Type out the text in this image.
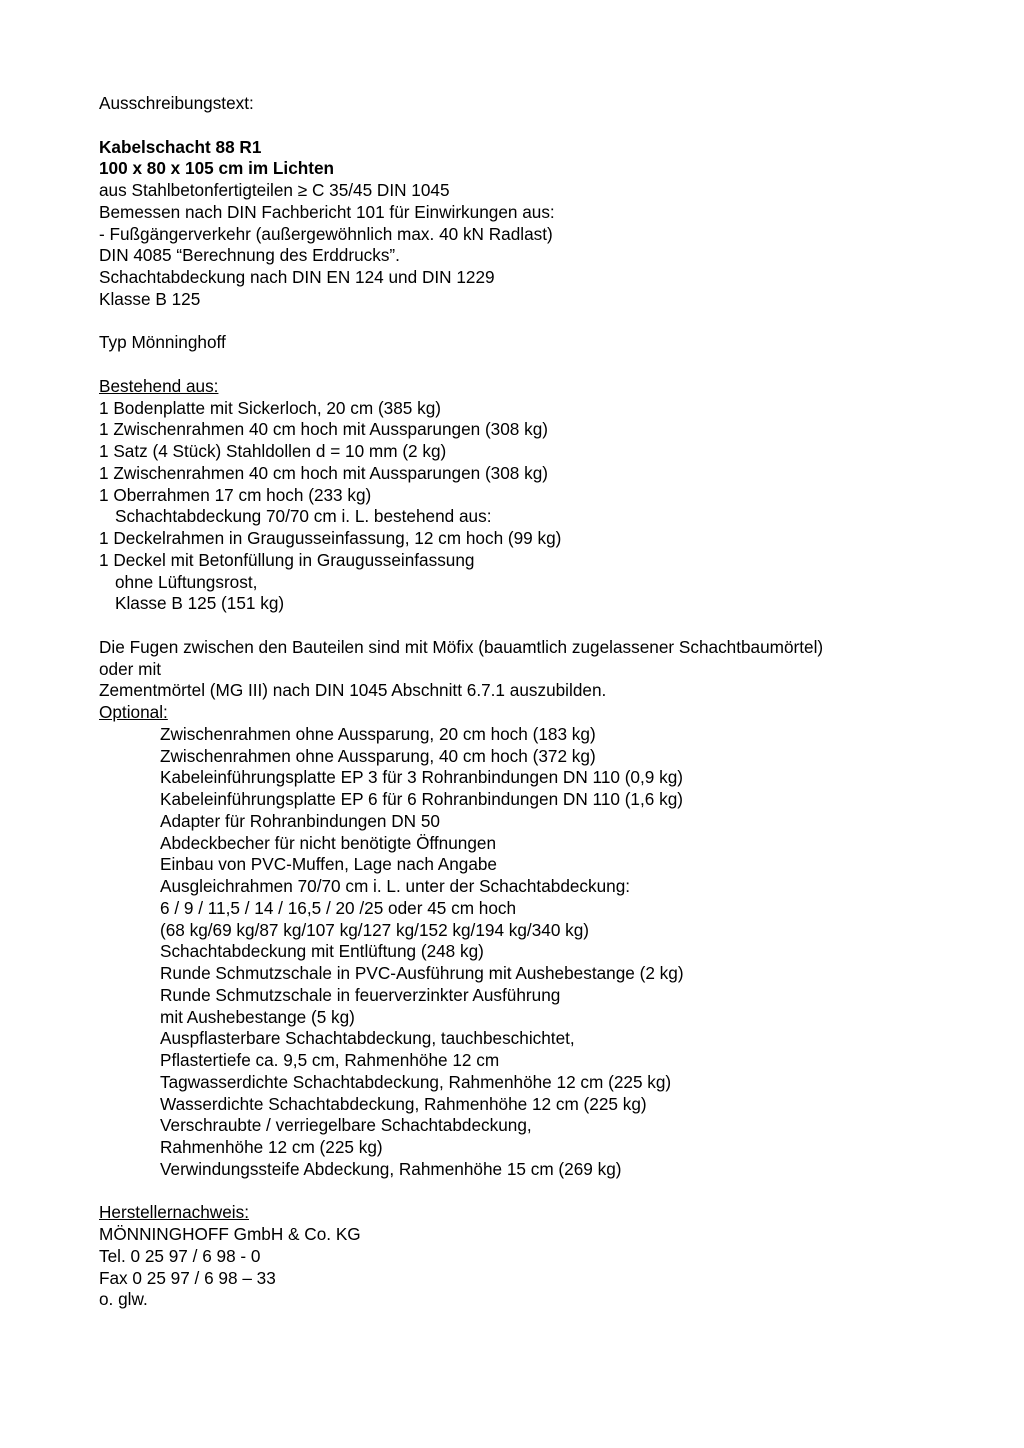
Ausschreibungstext:
Kabelschacht 88 R1
100 x 80 x 105 cm im Lichten
aus Stahlbetonfertigteilen ≥ C 35/45 DIN 1045
Bemessen nach DIN Fachbericht 101 für Einwirkungen aus:
- Fußgängerverkehr (außergewöhnlich max. 40 kN Radlast)
DIN 4085 “Berechnung des Erddrucks”.
Schachtabdeckung nach DIN EN 124 und DIN 1229
Klasse B 125
Typ Mönninghoff
Bestehend aus:
1 Bodenplatte mit Sickerloch, 20 cm (385 kg)
1 Zwischenrahmen 40 cm hoch mit Aussparungen (308 kg)
1 Satz (4 Stück) Stahldollen d = 10 mm (2 kg)
1 Zwischenrahmen 40 cm hoch mit Aussparungen (308 kg)
1 Oberrahmen 17 cm hoch (233 kg)
Schachtabdeckung 70/70 cm i. L. bestehend aus:
1 Deckelrahmen in Graugusseinfassung, 12 cm hoch (99 kg)
1 Deckel mit Betonfüllung in Graugusseinfassung
ohne Lüftungsrost,
Klasse B 125 (151 kg)
Die Fugen zwischen den Bauteilen sind mit Möfix (bauamtlich zugelassener Schachtbaumörtel)
oder mit
Zementmörtel (MG III) nach DIN 1045 Abschnitt 6.7.1 auszubilden.
Optional:
Zwischenrahmen ohne Aussparung, 20 cm hoch (183 kg)
Zwischenrahmen ohne Aussparung, 40 cm hoch (372 kg)
Kabeleinführungsplatte EP 3 für 3 Rohranbindungen DN 110 (0,9 kg)
Kabeleinführungsplatte EP 6 für 6 Rohranbindungen DN 110 (1,6 kg)
Adapter für Rohranbindungen DN 50
Abdeckbecher für nicht benötigte Öffnungen
Einbau von PVC-Muffen, Lage nach Angabe
Ausgleichrahmen 70/70 cm i. L. unter der Schachtabdeckung:
6 / 9 / 11,5 / 14 / 16,5 / 20 /25 oder 45 cm hoch
(68 kg/69 kg/87 kg/107 kg/127 kg/152 kg/194 kg/340 kg)
Schachtabdeckung mit Entlüftung (248 kg)
Runde Schmutzschale in PVC-Ausführung mit Aushebestange (2 kg)
Runde Schmutzschale in feuerverzinkter Ausführung
mit Aushebestange (5 kg)
Auspflasterbare Schachtabdeckung, tauchbeschichtet,
Pflastertiefe ca. 9,5 cm, Rahmenhöhe 12 cm
Tagwasserdichte Schachtabdeckung, Rahmenhöhe 12 cm (225 kg)
Wasserdichte Schachtabdeckung, Rahmenhöhe 12 cm (225 kg)
Verschraubte / verriegelbare Schachtabdeckung,
Rahmenhöhe 12 cm (225 kg)
Verwindungssteife Abdeckung, Rahmenhöhe 15 cm (269 kg)
Herstellernachweis:
MÖNNINGHOFF GmbH & Co. KG
Tel. 0 25 97 / 6 98 - 0
Fax 0 25 97 / 6 98 – 33
o. glw.
